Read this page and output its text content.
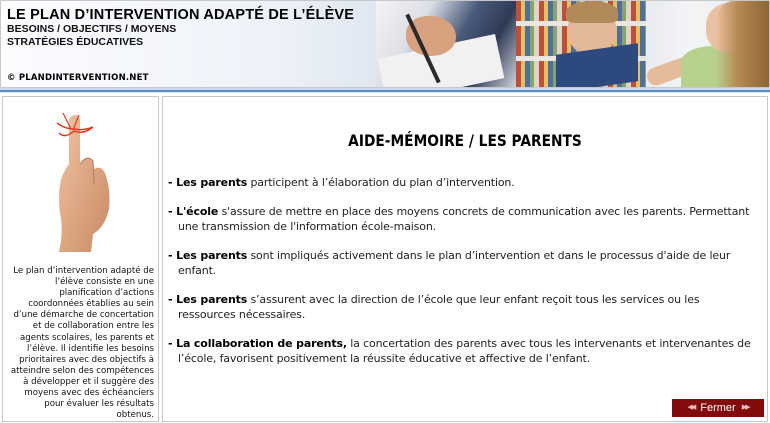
LE PLAN D’INTERVENTION ADAPTÉ DE L’ÉLÈVE
BESOINS / OBJECTIFS / MOYENS
STRATÉGIES ÉDUCATIVES
© PLANDINTERVENTION.NET
Le plan d’intervention adapté de l’élève consiste en une planification d’actions coordonnées établies au sein d’une démarche de concertation et de collaboration entre les agents scolaires, les parents et l’élève. Il identifie les besoins prioritaires avec des objectifs à atteindre selon des compétences à développer et il suggère des moyens avec des échéanciers pour évaluer les résultats obtenus.
AIDE-MÉMOIRE / LES PARENTS
- Les parents participent à l’élaboration du plan d’intervention.
- L'école s'assure de mettre en place des moyens concrets de communication avec les parents. Permettant une transmission de l'information école-maison.
- Les parents sont impliqués activement dans le plan d’intervention et dans le processus d'aide de leur enfant.
- Les parents s’assurent avec la direction de l’école que leur enfant reçoit tous les services ou les ressources nécessaires.
- La collaboration de parents, la concertation des parents avec tous les intervenants et intervenantes de l’école, favorisent positivement la réussite éducative et affective de l’enfant.
◀◀ Fermer ▶▶
